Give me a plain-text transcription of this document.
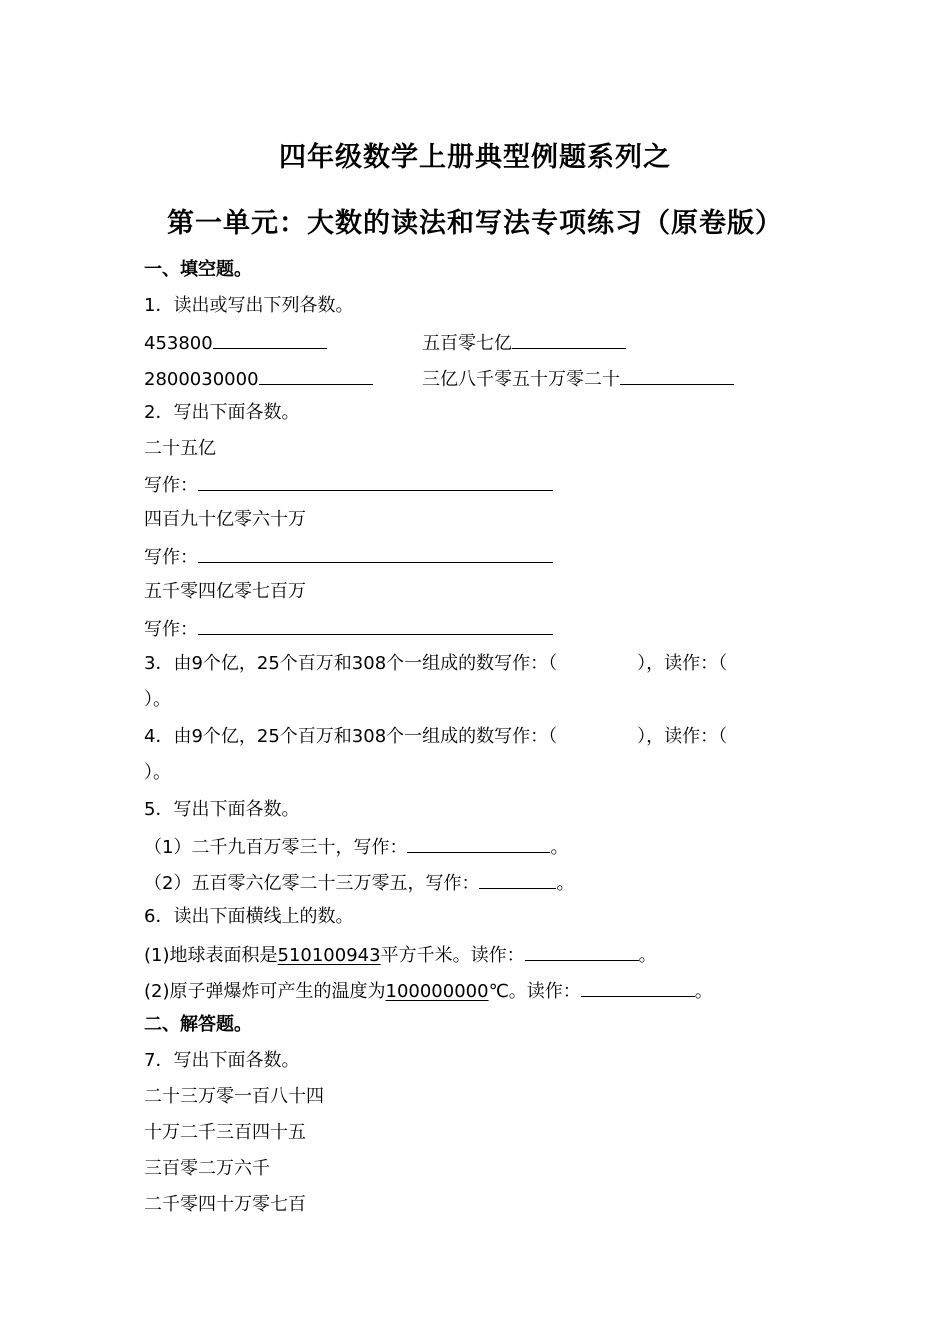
四年级数学上册典型例题系列之
第一单元：大数的读法和写法专项练习（原卷版）
一、填空题。
1．读出或写出下列各数。
453800	五百零七亿
2800030000	三亿八千零五十万零二十
2．写出下面各数。
二十五亿
写作：
四百九十亿零六十万
写作：
五千零四亿零七百万
写作：
3．由9个亿，25个百万和308个一组成的数写作：（	），读作：（
）。
4．由9个亿，25个百万和308个一组成的数写作：（	），读作：（
）。
5．写出下面各数。
（1）二千九百万零三十，写作：	。
（2）五百零六亿零二十三万零五，写作：	。
6．读出下面横线上的数。
(1)地球表面积是510100943平方千米。读作：	。
(2)原子弹爆炸可产生的温度为100000000℃。读作：	。
二、解答题。
7．写出下面各数。
二十三万零一百八十四
十万二千三百四十五
三百零二万六千
二千零四十万零七百
